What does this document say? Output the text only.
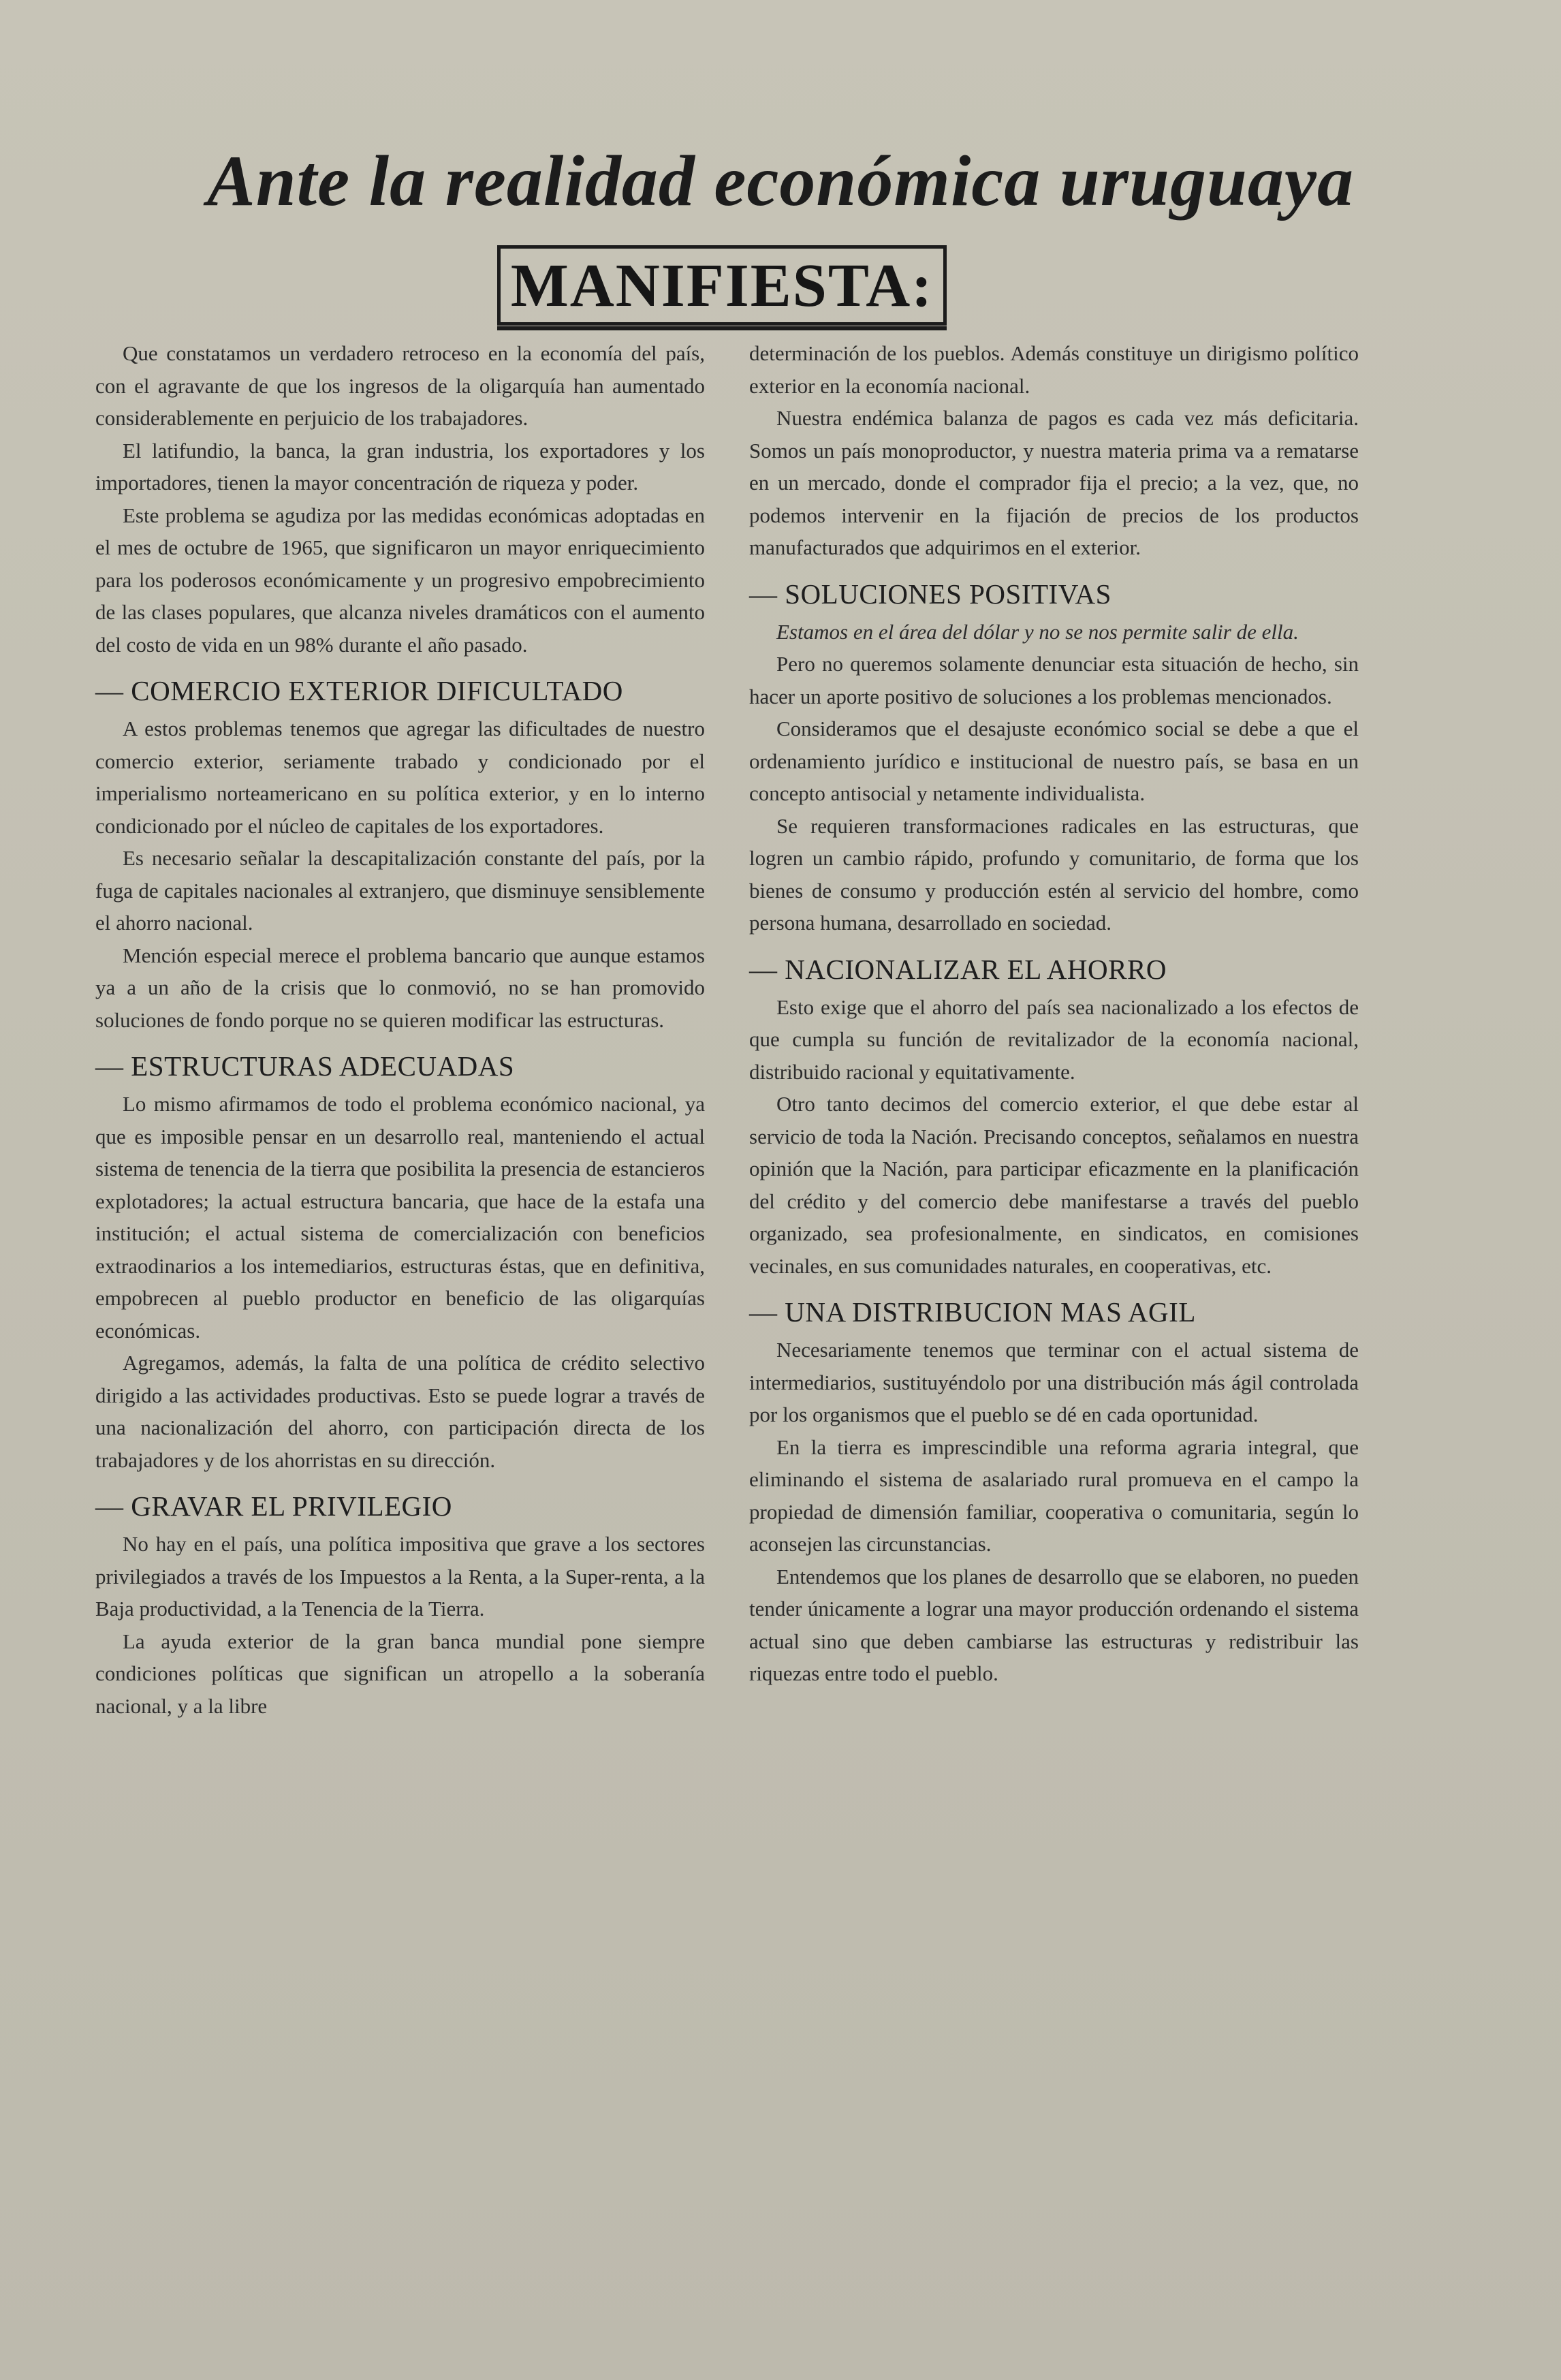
Ante la realidad económica uruguaya
MANIFIESTA:

Que constatamos un verdadero retroceso en la economía del país, con el agravante de que los ingresos de la oligarquía han aumentado considerablemente en perjuicio de los trabajadores.

El latifundio, la banca, la gran industria, los exportadores y los importadores, tienen la mayor concentración de riqueza y poder.

Este problema se agudiza por las medidas económicas adoptadas en el mes de octubre de 1965, que significaron un mayor enriquecimiento para los poderosos económicamente y un progresivo empobrecimiento de las clases populares, que alcanza niveles dramáticos con el aumento del costo de vida en un 98% durante el año pasado.

— COMERCIO EXTERIOR DIFICULTADO

A estos problemas tenemos que agregar las dificultades de nuestro comercio exterior, seriamente trabado y condicionado por el imperialismo norteamericano en su política exterior, y en lo interno condicionado por el núcleo de capitales de los exportadores.

Es necesario señalar la descapitalización constante del país, por la fuga de capitales nacionales al extranjero, que disminuye sensiblemente el ahorro nacional.

Mención especial merece el problema bancario que aunque estamos ya a un año de la crisis que lo conmovió, no se han promovido soluciones de fondo porque no se quieren modificar las estructuras.

— ESTRUCTURAS ADECUADAS

Lo mismo afirmamos de todo el problema económico nacional, ya que es imposible pensar en un desarrollo real, manteniendo el actual sistema de tenencia de la tierra que posibilita la presencia de estancieros explotadores; la actual estructura bancaria, que hace de la estafa una institución; el actual sistema de comercialización con beneficios extraodinarios a los intemediarios, estructuras éstas, que en definitiva, empobrecen al pueblo productor en beneficio de las oligarquías económicas.

Agregamos, además, la falta de una política de crédito selectivo dirigido a las actividades productivas. Esto se puede lograr a través de una nacionalización del ahorro, con participación directa de los trabajadores y de los ahorristas en su dirección.

— GRAVAR EL PRIVILEGIO

No hay en el país, una política impositiva que grave a los sectores privilegiados a través de los Impuestos a la Renta, a la Super-renta, a la Baja productividad, a la Tenencia de la Tierra.

La ayuda exterior de la gran banca mundial pone siempre condiciones políticas que significan un atropello a la soberanía nacional, y a la libre

determinación de los pueblos. Además constituye un dirigismo político exterior en la economía nacional.

Nuestra endémica balanza de pagos es cada vez más deficitaria. Somos un país monoproductor, y nuestra materia prima va a rematarse en un mercado, donde el comprador fija el precio; a la vez, que, no podemos intervenir en la fijación de precios de los productos manufacturados que adquirimos en el exterior.

— SOLUCIONES POSITIVAS

Estamos en el área del dólar y no se nos permite salir de ella.

Pero no queremos solamente denunciar esta situación de hecho, sin hacer un aporte positivo de soluciones a los problemas mencionados.

Consideramos que el desajuste económico social se debe a que el ordenamiento jurídico e institucional de nuestro país, se basa en un concepto antisocial y netamente individualista.

Se requieren transformaciones radicales en las estructuras, que logren un cambio rápido, profundo y comunitario, de forma que los bienes de consumo y producción estén al servicio del hombre, como persona humana, desarrollado en sociedad.

— NACIONALIZAR EL AHORRO

Esto exige que el ahorro del país sea nacionalizado a los efectos de que cumpla su función de revitalizador de la economía nacional, distribuido racional y equitativamente.

Otro tanto decimos del comercio exterior, el que debe estar al servicio de toda la Nación. Precisando conceptos, señalamos en nuestra opinión que la Nación, para participar eficazmente en la planificación del crédito y del comercio debe manifestarse a través del pueblo organizado, sea profesionalmente, en sindicatos, en comisiones vecinales, en sus comunidades naturales, en cooperativas, etc.

— UNA DISTRIBUCION MAS AGIL

Necesariamente tenemos que terminar con el actual sistema de intermediarios, sustituyéndolo por una distribución más ágil controlada por los organismos que el pueblo se dé en cada oportunidad.

En la tierra es imprescindible una reforma agraria integral, que eliminando el sistema de asalariado rural promueva en el campo la propiedad de dimensión familiar, cooperativa o comunitaria, según lo aconsejen las circunstancias.

Entendemos que los planes de desarrollo que se elaboren, no pueden tender únicamente a lograr una mayor producción ordenando el sistema actual sino que deben cambiarse las estructuras y redistribuir las riquezas entre todo el pueblo.
